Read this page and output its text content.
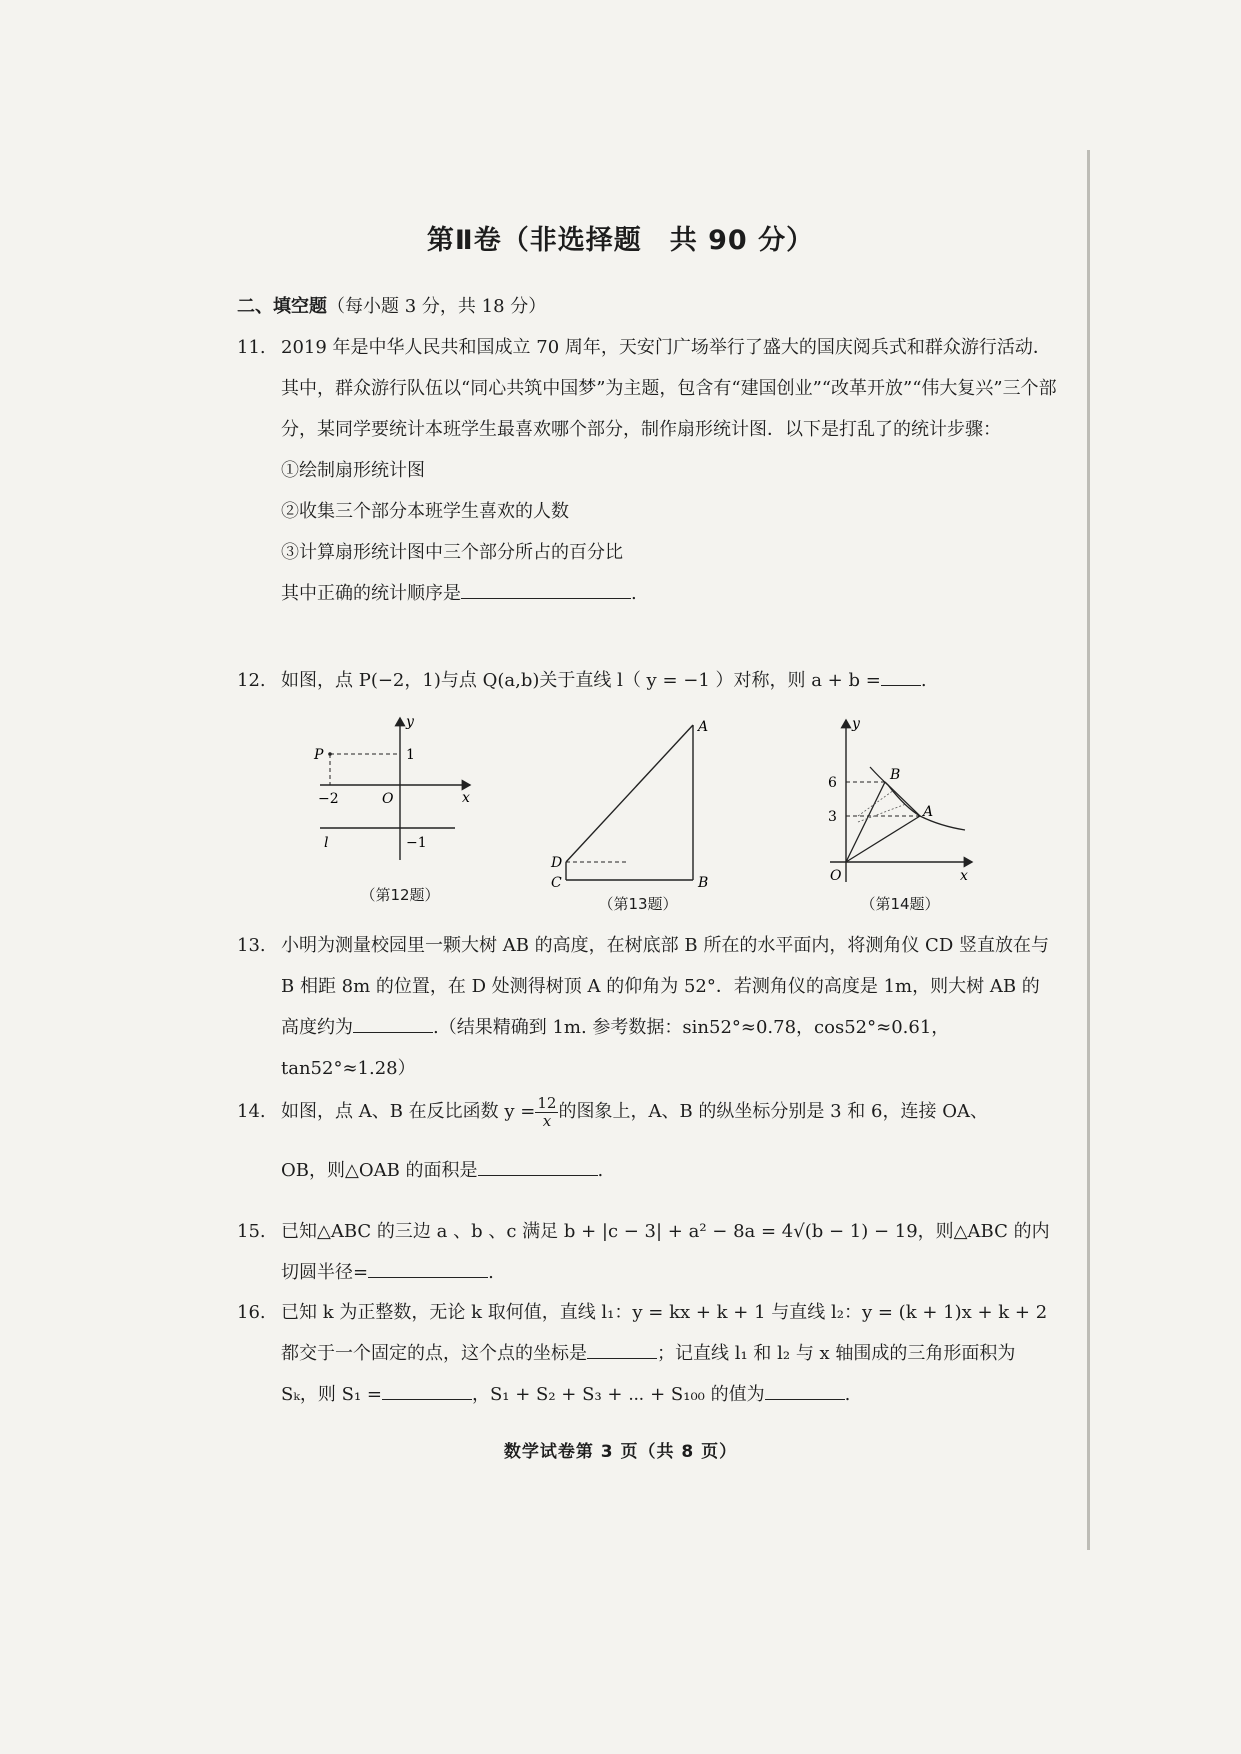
第Ⅱ卷（非选择题　共 90 分）
二、填空题（每小题 3 分，共 18 分）
11. 2019 年是中华人民共和国成立 70 周年，天安门广场举行了盛大的国庆阅兵式和群众游行活动．其中，群众游行队伍以“同心共筑中国梦”为主题，包含有“建国创业”“改革开放”“伟大复兴”三个部分，某同学要统计本班学生最喜欢哪个部分，制作扇形统计图．以下是打乱了的统计步骤：
①绘制扇形统计图
②收集三个部分本班学生喜欢的人数
③计算扇形统计图中三个部分所占的百分比
其中正确的统计顺序是	.
12. 如图，点 P(−2，1)与点 Q(a,b)关于直线 l（ y = −1 ）对称，则 a + b = .
y
x
P	1
−2	O
l	−1
（第12题）
A
B
C
D
（第13题）
y
x
6
3
O
B
A
（第14题）
13. 小明为测量校园里一颗大树 AB 的高度，在树底部 B 所在的水平面内，将测角仪 CD 竖直放在与 B 相距 8m 的位置，在 D 处测得树顶 A 的仰角为 52°．若测角仪的高度是 1m，则大树 AB 的高度约为	.（结果精确到 1m. 参考数据：sin52°≈0.78，cos52°≈0.61，tan52°≈1.28）
14. 如图，点 A、B 在反比函数 $y = \frac{12}{x}$ 的图象上，A、B 的纵坐标分别是 3 和 6，连接 OA、
OB，则△OAB 的面积是	.
15. 已知△ABC 的三边 a 、b 、c 满足 b + |c − 3| + a² − 8a = 4√(b − 1) − 19，则△ABC 的内切圆半径=	.
16. 已知 k 为正整数，无论 k 取何值，直线 l₁：y = kx + k + 1 与直线 l₂：y = (k + 1)x + k + 2 都交于一个固定的点，这个点的坐标是	；记直线 l₁ 和 l₂ 与 x 轴围成的三角形面积为 Sₖ，则 S₁ =	，S₁ + S₂ + S₃ + ⋯ + S₁₀₀ 的值为	.
数学试卷第 3 页（共 8 页）
